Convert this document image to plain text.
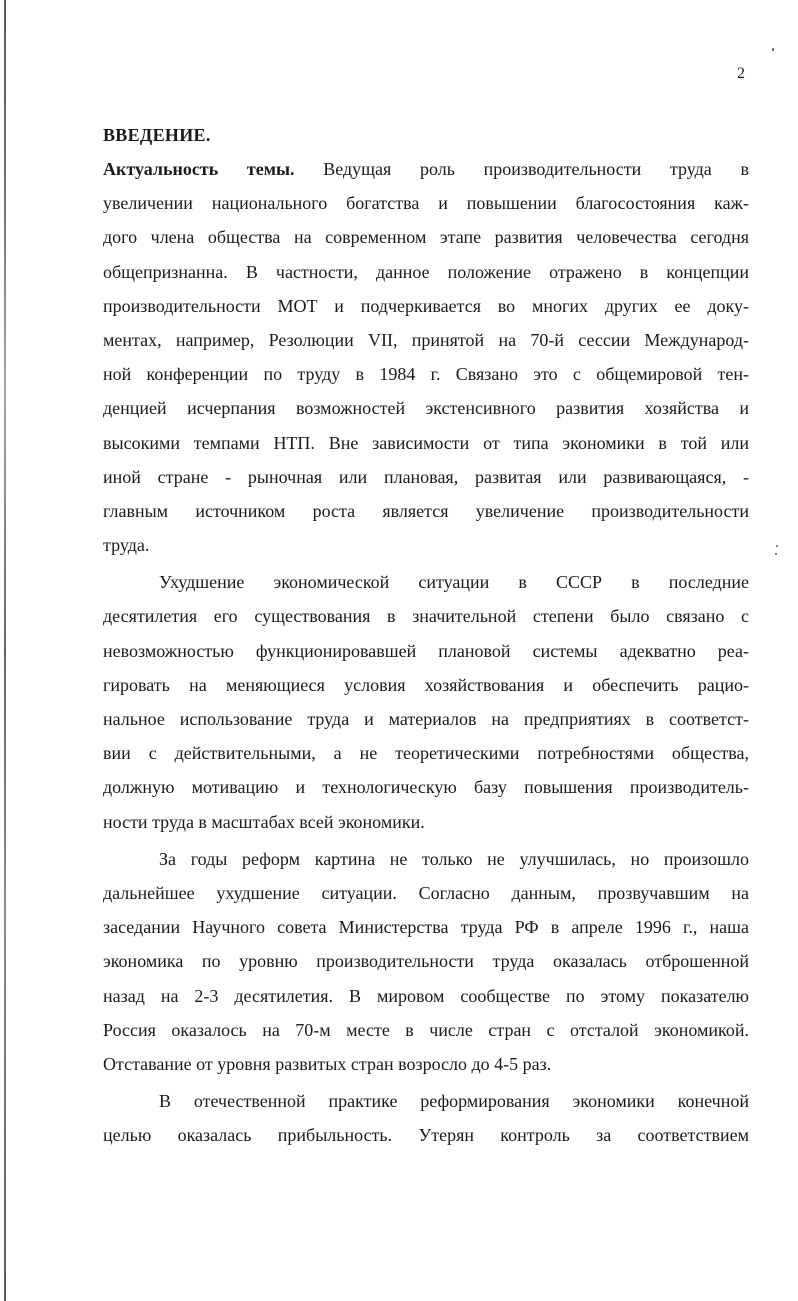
2
ВВЕДЕНИЕ.
Актуальность темы. Ведущая роль производительности труда в
увеличении национального богатства и повышении благосостояния каж-
дого члена общества на современном этапе развития человечества сегодня
общепризнанна. В частности, данное положение отражено в концепции
производительности МОТ и подчеркивается во многих других ее доку-
ментах, например, Резолюции VII, принятой на 70-й сессии Международ-
ной конференции по труду в 1984 г. Связано это с общемировой тен-
денцией исчерпания возможностей экстенсивного развития хозяйства и
высокими темпами НТП. Вне зависимости от типа экономики в той или
иной стране - рыночная или плановая, развитая или развивающаяся, -
главным источником роста является увеличение производительности
труда.
Ухудшение экономической ситуации в СССР в последние
десятилетия его существования в значительной степени было связано с
невозможностью функционировавшей плановой системы адекватно реа-
гировать на меняющиеся условия хозяйствования и обеспечить рацио-
нальное использование труда и материалов на предприятиях в соответст-
вии с действительными, а не теоретическими потребностями общества,
должную мотивацию и технологическую базу повышения производитель-
ности труда в масштабах всей экономики.
За годы реформ картина не только не улучшилась, но произошло
дальнейшее ухудшение ситуации. Согласно данным, прозвучавшим на
заседании Научного совета Министерства труда РФ в апреле 1996 г., наша
экономика по уровню производительности труда оказалась отброшенной
назад на 2-3 десятилетия. В мировом сообществе по этому показателю
Россия оказалось на 70-м месте в числе стран с отсталой экономикой.
Отставание от уровня развитых стран возросло до 4-5 раз.
В отечественной практике реформирования экономики конечной
целью оказалась прибыльность. Утерян контроль за соответствием
